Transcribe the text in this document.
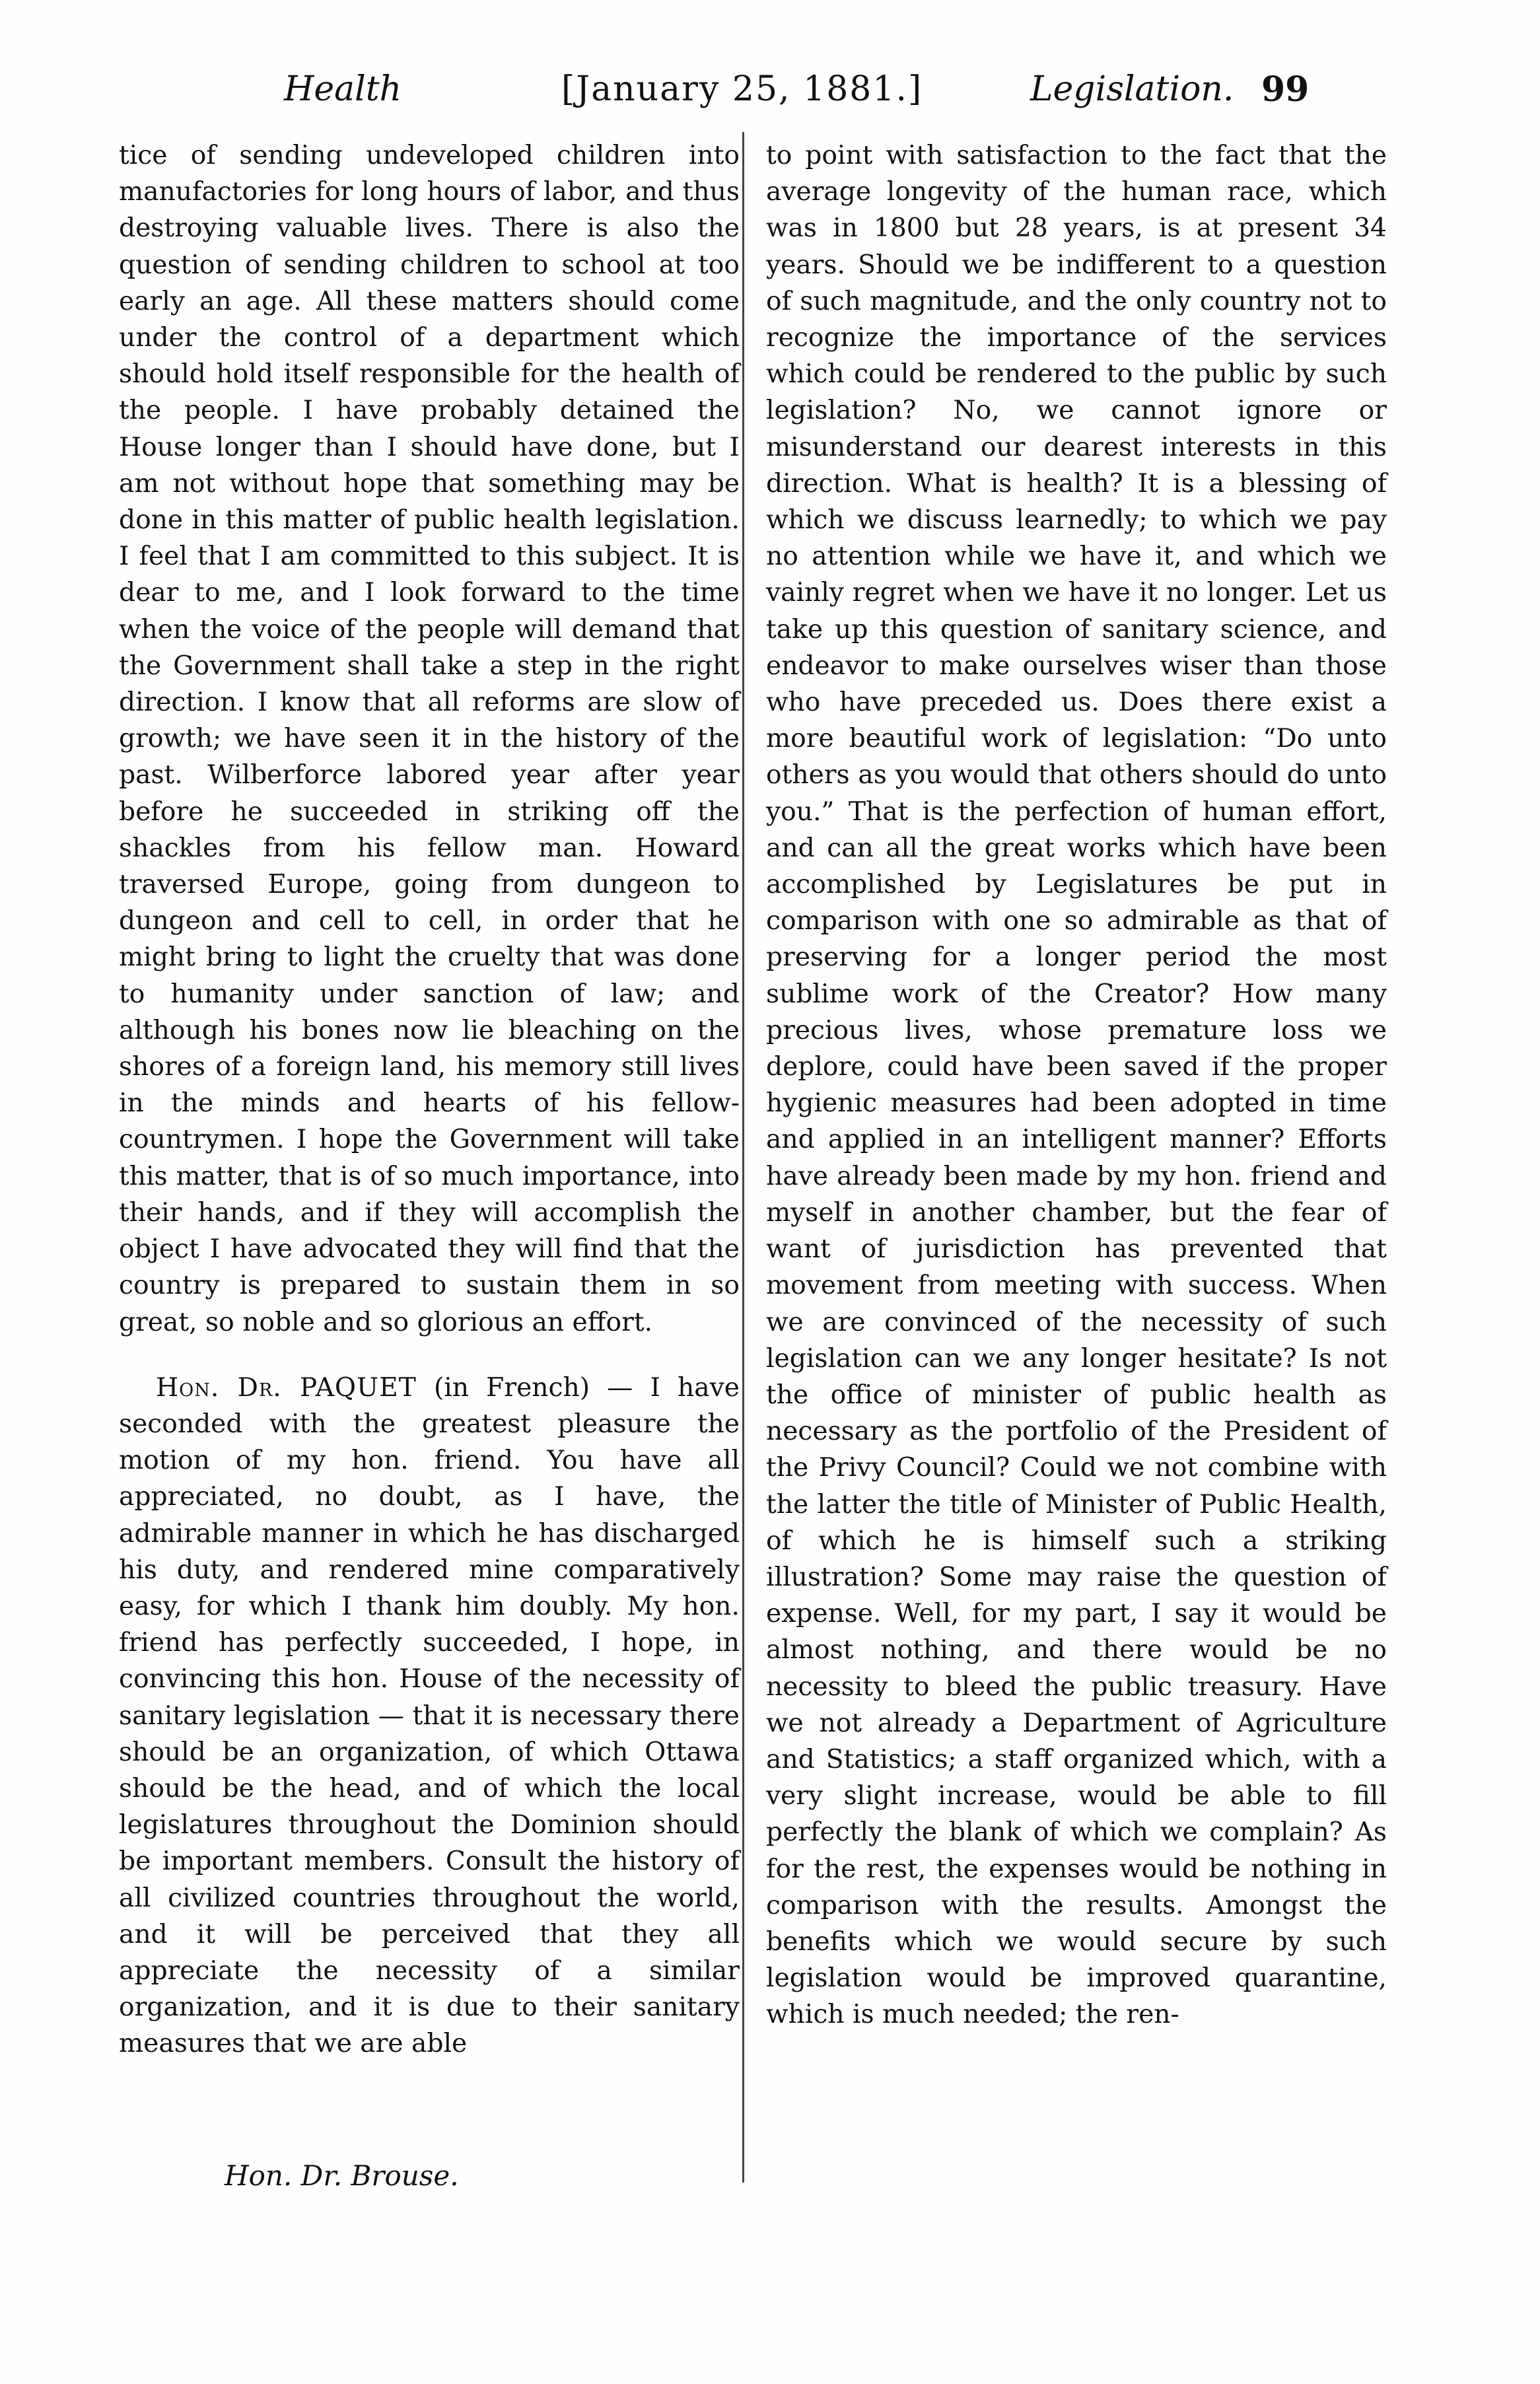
Health	[January 25, 1881.]	Legislation. 99

tice of sending undeveloped children into manufactories for long hours of labor, and thus destroying valuable lives. There is also the question of sending children to school at too early an age. All these matters should come under the control of a department which should hold itself responsible for the health of the people. I have probably detained the House longer than I should have done, but I am not without hope that something may be done in this matter of public health legislation. I feel that I am committed to this subject. It is dear to me, and I look forward to the time when the voice of the people will demand that the Government shall take a step in the right direction. I know that all reforms are slow of growth; we have seen it in the history of the past. Wilberforce labored year after year before he succeeded in striking off the shackles from his fellow man. Howard traversed Europe, going from dungeon to dungeon and cell to cell, in order that he might bring to light the cruelty that was done to humanity under sanction of law; and although his bones now lie bleaching on the shores of a foreign land, his memory still lives in the minds and hearts of his fellow-countrymen. I hope the Government will take this matter, that is of so much importance, into their hands, and if they will accomplish the object I have advocated they will find that the country is prepared to sustain them in so great, so noble and so glorious an effort.

Hon. Dr. PAQUET (in French) — I have seconded with the greatest pleasure the motion of my hon. friend. You have all appreciated, no doubt, as I have, the admirable manner in which he has discharged his duty, and rendered mine comparatively easy, for which I thank him doubly. My hon. friend has perfectly succeeded, I hope, in convincing this hon. House of the necessity of sanitary legislation — that it is necessary there should be an organization, of which Ottawa should be the head, and of which the local legislatures throughout the Dominion should be important members. Consult the history of all civilized countries throughout the world, and it will be perceived that they all appreciate the necessity of a similar organization, and it is due to their sanitary measures that we are able

to point with satisfaction to the fact that the average longevity of the human race, which was in 1800 but 28 years, is at present 34 years. Should we be indifferent to a question of such magnitude, and the only country not to recognize the importance of the services which could be rendered to the public by such legislation? No, we cannot ignore or misunderstand our dearest interests in this direction. What is health? It is a blessing of which we discuss learnedly; to which we pay no attention while we have it, and which we vainly regret when we have it no longer. Let us take up this question of sanitary science, and endeavor to make ourselves wiser than those who have preceded us. Does there exist a more beautiful work of legislation: “Do unto others as you would that others should do unto you.” That is the perfection of human effort, and can all the great works which have been accomplished by Legislatures be put in comparison with one so admirable as that of preserving for a longer period the most sublime work of the Creator? How many precious lives, whose premature loss we deplore, could have been saved if the proper hygienic measures had been adopted in time and applied in an intelligent manner? Efforts have already been made by my hon. friend and myself in another chamber, but the fear of want of jurisdiction has prevented that movement from meeting with success. When we are convinced of the necessity of such legislation can we any longer hesitate? Is not the office of minister of public health as necessary as the portfolio of the President of the Privy Council? Could we not combine with the latter the title of Minister of Public Health, of which he is himself such a striking illustration? Some may raise the question of expense. Well, for my part, I say it would be almost nothing, and there would be no necessity to bleed the public treasury. Have we not already a Department of Agriculture and Statistics; a staff organized which, with a very slight increase, would be able to fill perfectly the blank of which we complain? As for the rest, the expenses would be nothing in comparison with the results. Amongst the benefits which we would secure by such legislation would be improved quarantine, which is much needed; the ren-

Hon. Dr. Brouse.
